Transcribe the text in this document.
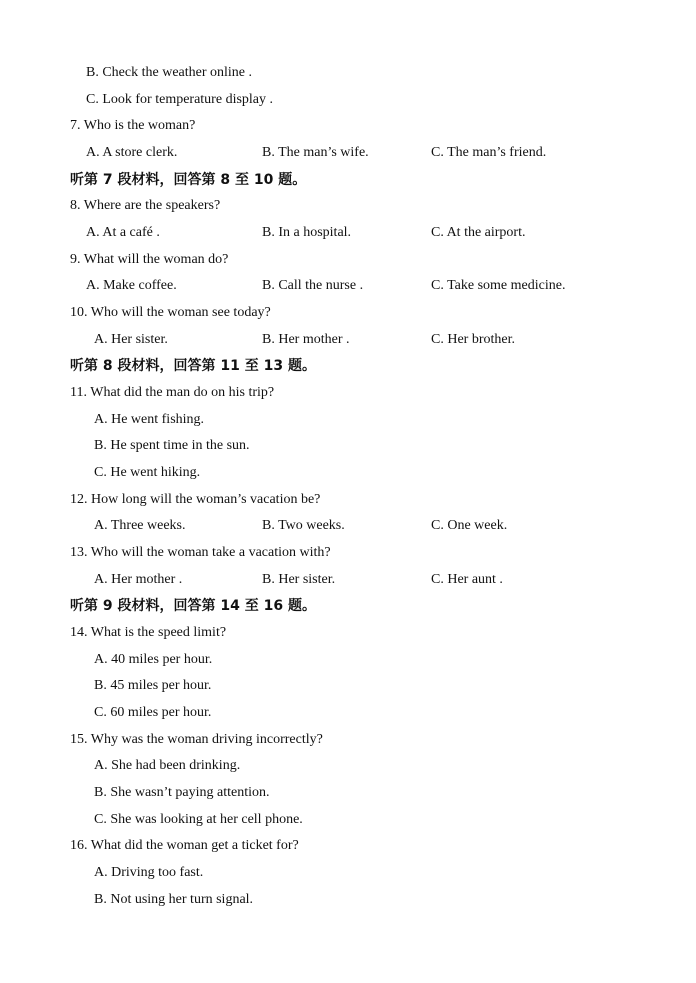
B. Check the weather online .
C. Look for temperature display .
7. Who is the woman?
A. A store clerk.	B. The man’s wife.	C. The man’s friend.
听第 7 段材料，回答第 8 至 10 题。
8. Where are the speakers?
A. At a café .	B. In a hospital.	C. At the airport.
9. What will the woman do?
A. Make coffee.	B. Call the nurse .	C. Take some medicine.
10. Who will the woman see today?
A. Her sister.	B. Her mother .	C. Her brother.
听第 8 段材料，回答第 11 至 13 题。
11. What did the man do on his trip?
A. He went fishing.
B. He spent time in the sun.
C. He went hiking.
12. How long will the woman’s vacation be?
A. Three weeks.	B. Two weeks.	C. One week.
13. Who will the woman take a vacation with?
A. Her mother .	B. Her sister.	C. Her aunt .
听第 9 段材料，回答第 14 至 16 题。
14. What is the speed limit?
A. 40 miles per hour.
B. 45 miles per hour.
C. 60 miles per hour.
15. Why was the woman driving incorrectly?
A. She had been drinking.
B. She wasn’t paying attention.
C. She was looking at her cell phone.
16. What did the woman get a ticket for?
A. Driving too fast.
B. Not using her turn signal.
